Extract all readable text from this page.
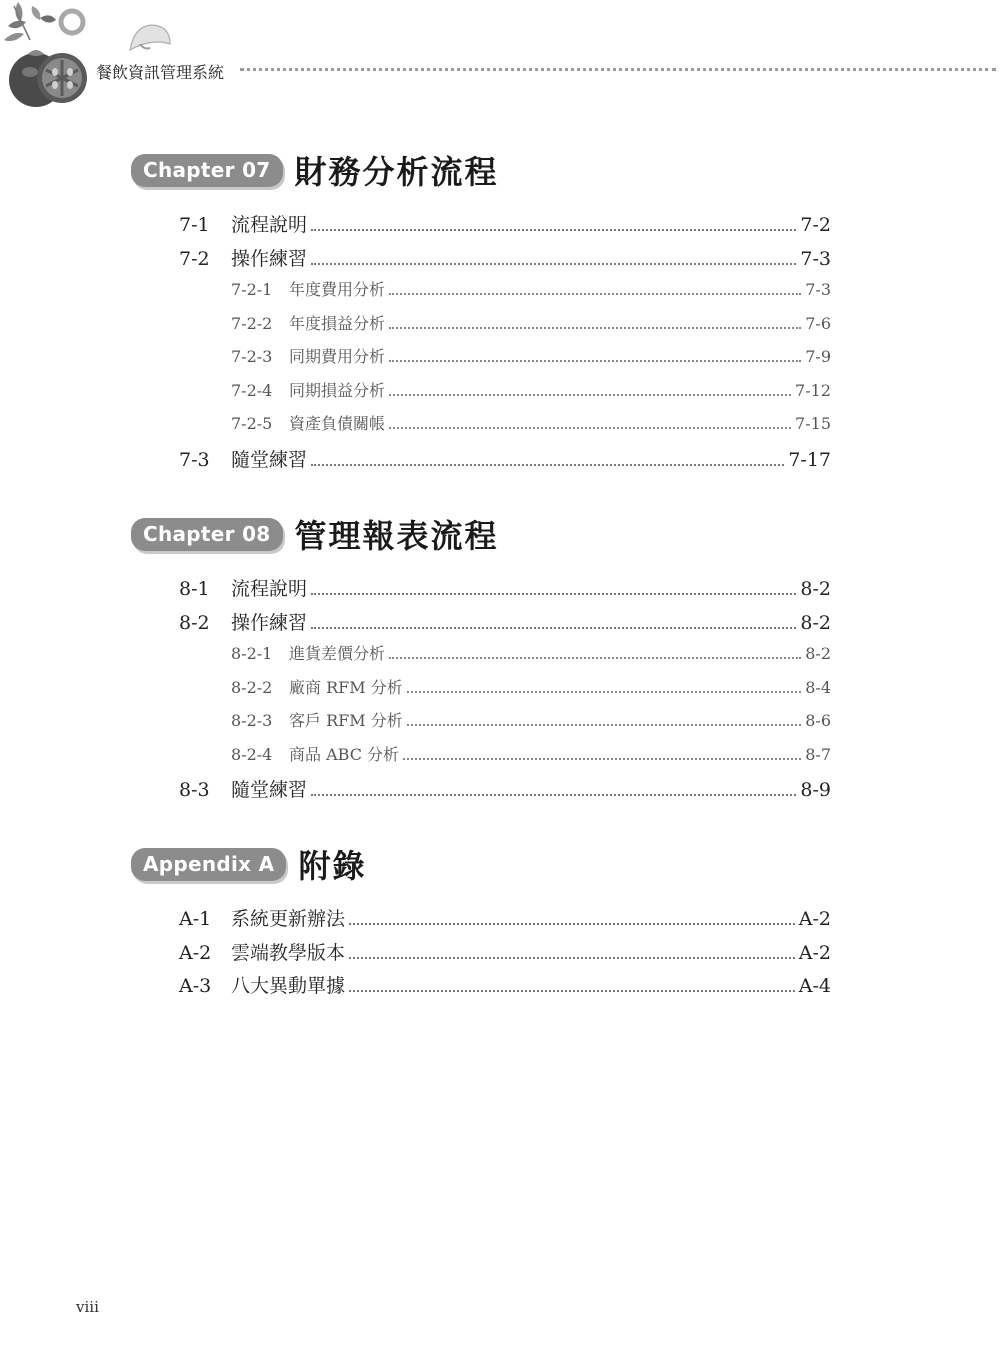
餐飲資訊管理系統
Chapter 07 財務分析流程
7-1	流程說明	7-2
7-2	操作練習	7-3
7-2-1	年度費用分析	7-3
7-2-2	年度損益分析	7-6
7-2-3	同期費用分析	7-9
7-2-4	同期損益分析	7-12
7-2-5	資產負債關帳	7-15
7-3	隨堂練習	7-17
Chapter 08 管理報表流程
8-1	流程說明	8-2
8-2	操作練習	8-2
8-2-1	進貨差價分析	8-2
8-2-2	廠商 RFM 分析	8-4
8-2-3	客戶 RFM 分析	8-6
8-2-4	商品 ABC 分析	8-7
8-3	隨堂練習	8-9
Appendix A 附錄
A-1	系統更新辦法	A-2
A-2	雲端教學版本	A-2
A-3	八大異動單據	A-4
viii
